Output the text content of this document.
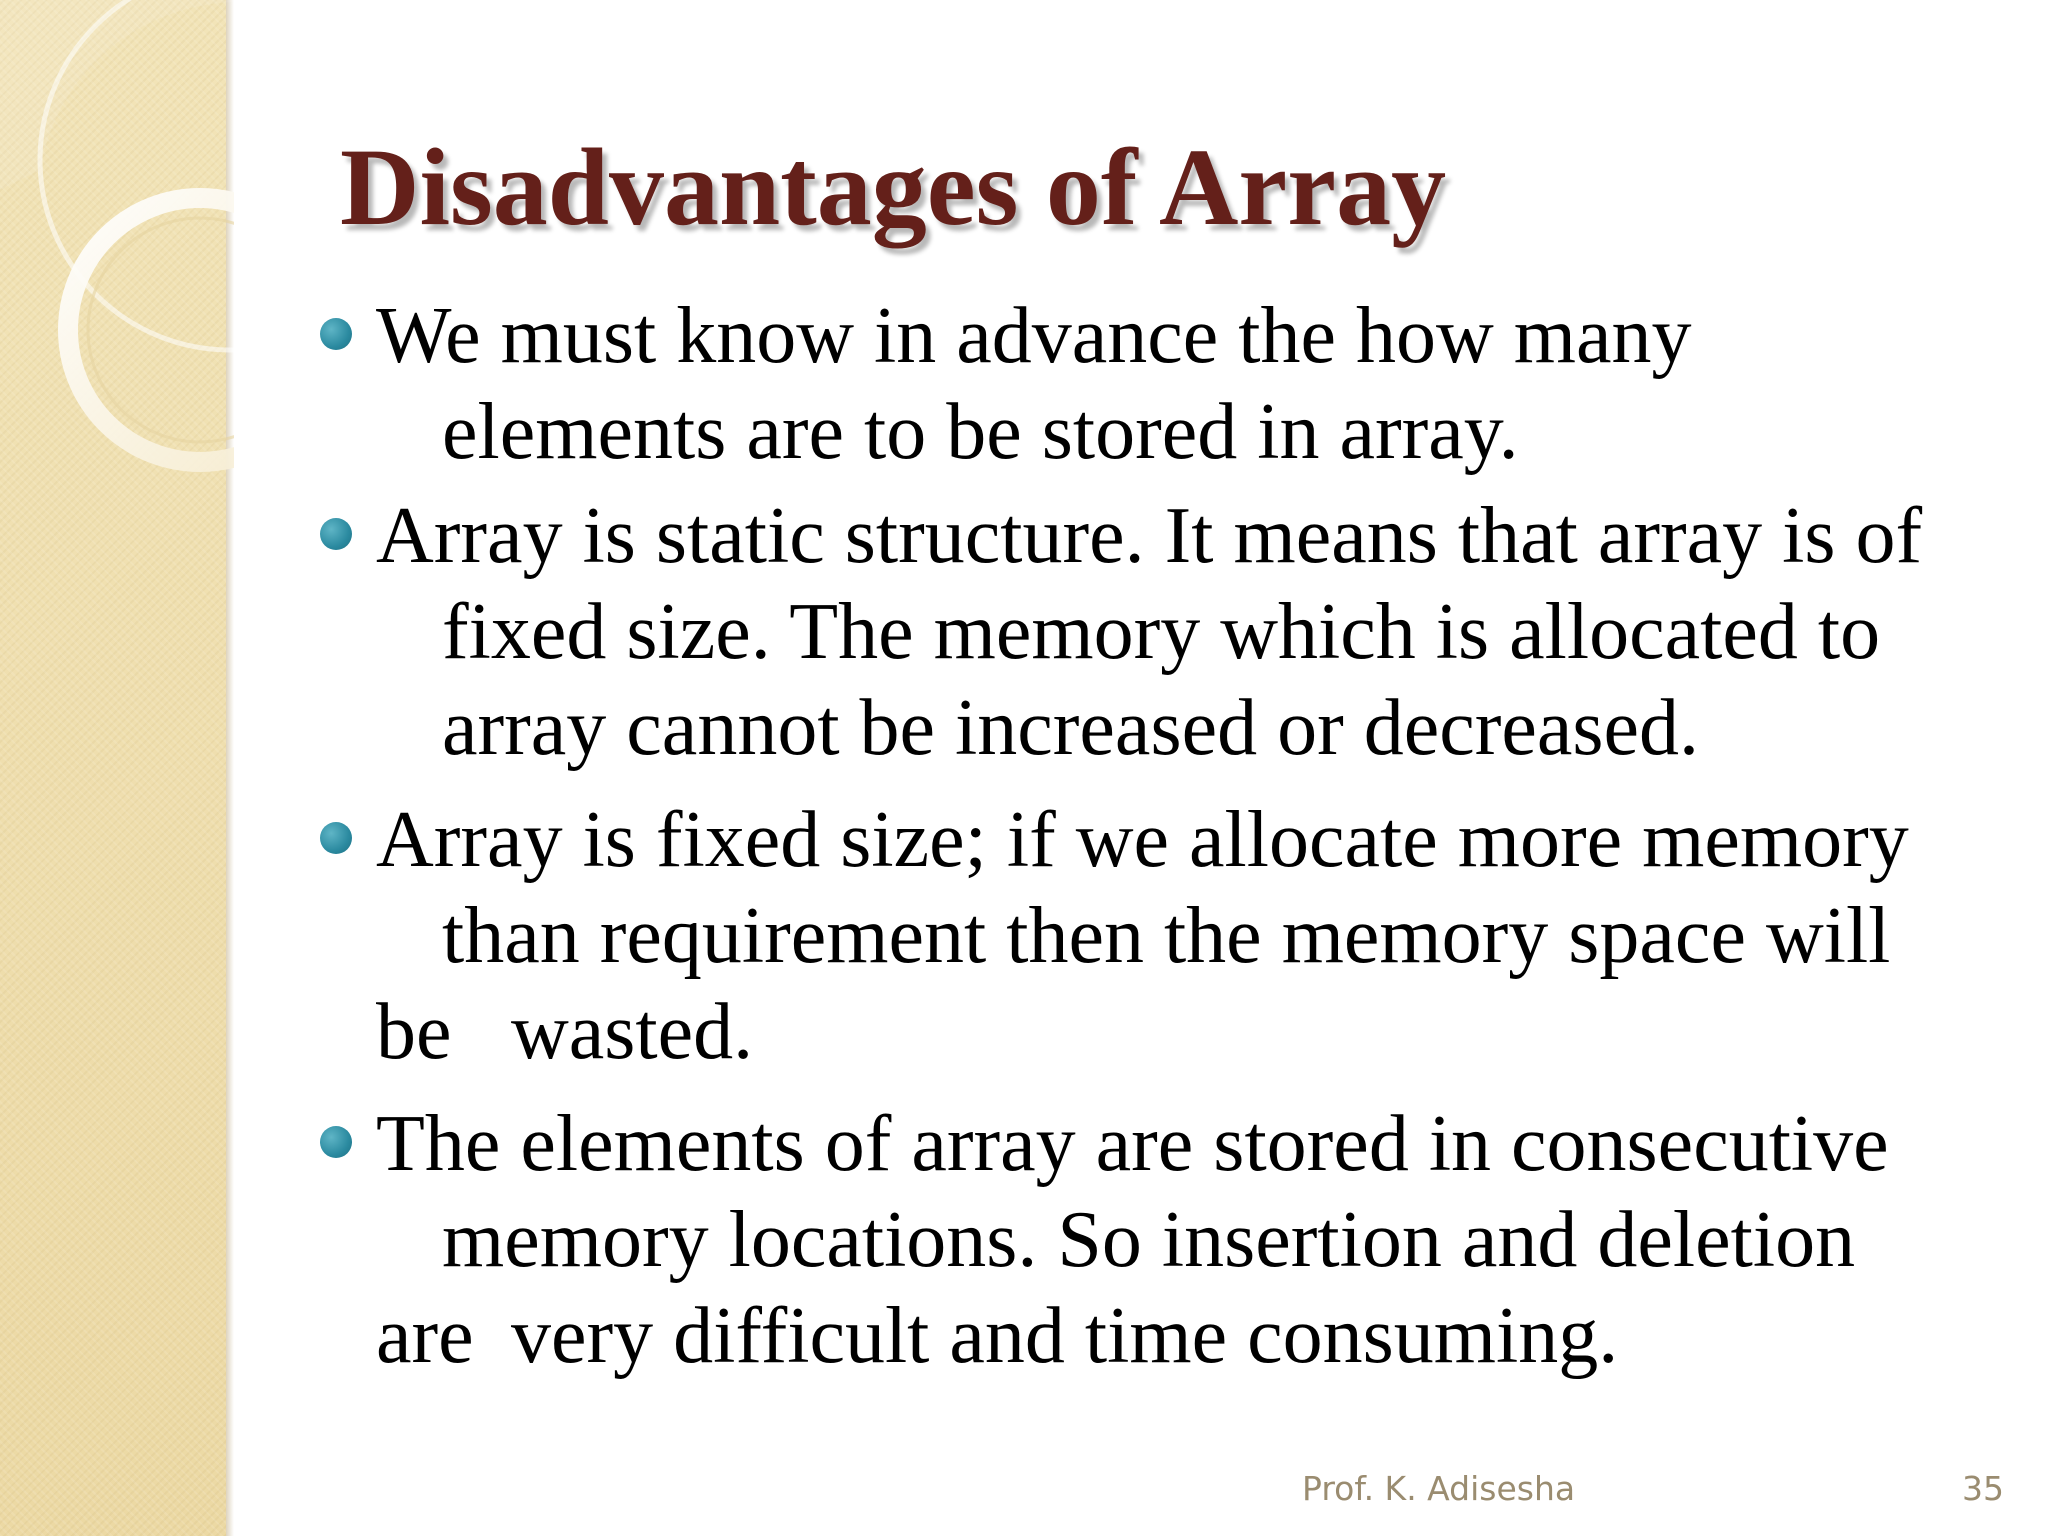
Disadvantages of Array
We must know in advance the how many
elements are to be stored in array.
Array is static structure. It means that array is of
fixed size. The memory which is allocated to
array cannot be increased or decreased.
Array is fixed size; if we allocate more memory
than requirement then the memory space will
be wasted.
The elements of array are stored in consecutive
memory locations. So insertion and deletion
are very difficult and time consuming.
Prof. K. Adisesha	35
